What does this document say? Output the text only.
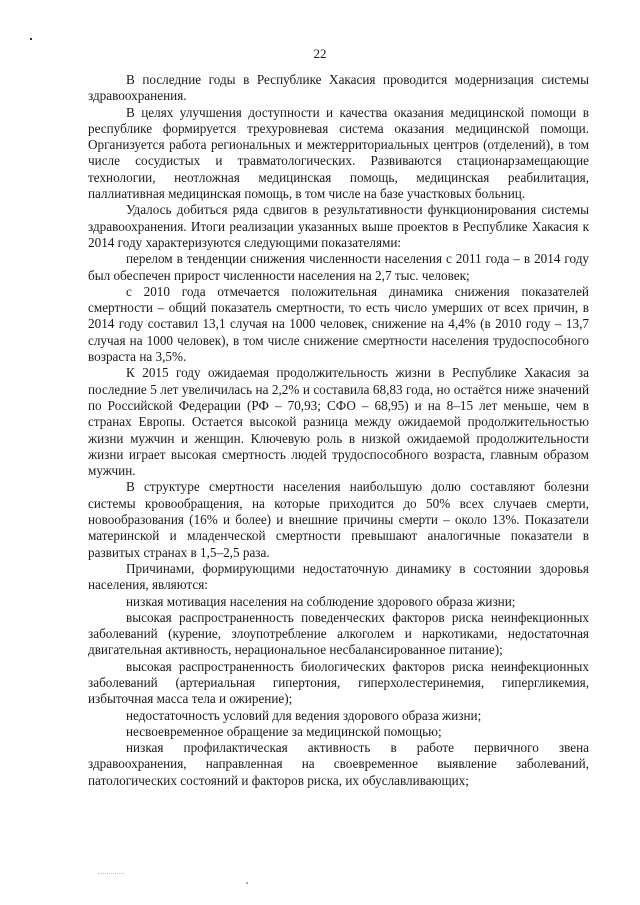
22

В последние годы в Республике Хакасия проводится модернизация системы здравоохранения.

В целях улучшения доступности и качества оказания медицинской помощи в республике формируется трехуровневая система оказания медицинской помощи. Организуется работа региональных и межтерриториальных центров (отделений), в том числе сосудистых и травматологических. Развиваются стационарзамещающие технологии, неотложная медицинская помощь, медицинская реабилитация, паллиативная медицинская помощь, в том числе на базе участковых больниц.

Удалось добиться ряда сдвигов в результативности функционирования системы здравоохранения. Итоги реализации указанных выше проектов в Республике Хакасия к 2014 году характеризуются следующими показателями:

перелом в тенденции снижения численности населения с 2011 года – в 2014 году был обеспечен прирост численности населения на 2,7 тыс. человек;

с 2010 года отмечается положительная динамика снижения показателей смертности – общий показатель смертности, то есть число умерших от всех причин, в 2014 году составил 13,1 случая на 1000 человек, снижение на 4,4% (в 2010 году – 13,7 случая на 1000 человек), в том числе снижение смертности населения трудоспособного возраста на 3,5%.

К 2015 году ожидаемая продолжительность жизни в Республике Хакасия за последние 5 лет увеличилась на 2,2% и составила 68,83 года, но остаётся ниже значений по Российской Федерации (РФ – 70,93; СФО – 68,95) и на 8–15 лет меньше, чем в странах Европы. Остается высокой разница между ожидаемой продолжительностью жизни мужчин и женщин. Ключевую роль в низкой ожидаемой продолжительности жизни играет высокая смертность людей трудоспособного возраста, главным образом мужчин.

В структуре смертности населения наибольшую долю составляют болезни системы кровообращения, на которые приходится до 50% всех случаев смерти, новообразования (16% и более) и внешние причины смерти – около 13%. Показатели материнской и младенческой смертности превышают аналогичные показатели в развитых странах в 1,5–2,5 раза.

Причинами, формирующими недостаточную динамику в состоянии здоровья населения, являются:

низкая мотивация населения на соблюдение здорового образа жизни;

высокая распространенность поведенческих факторов риска неинфекционных заболеваний (курение, злоупотребление алкоголем и наркотиками, недостаточная двигательная активность, нерациональное несбалансированное питание);

высокая распространенность биологических факторов риска неинфекционных заболеваний (артериальная гипертония, гиперхолестеринемия, гипергликемия, избыточная масса тела и ожирение);

недостаточность условий для ведения здорового образа жизни;

несвоевременное обращение за медицинской помощью;

низкая профилактическая активность в работе первичного звена здравоохранения, направленная на своевременное выявление заболеваний, патологических состояний и факторов риска, их обуславливающих;
